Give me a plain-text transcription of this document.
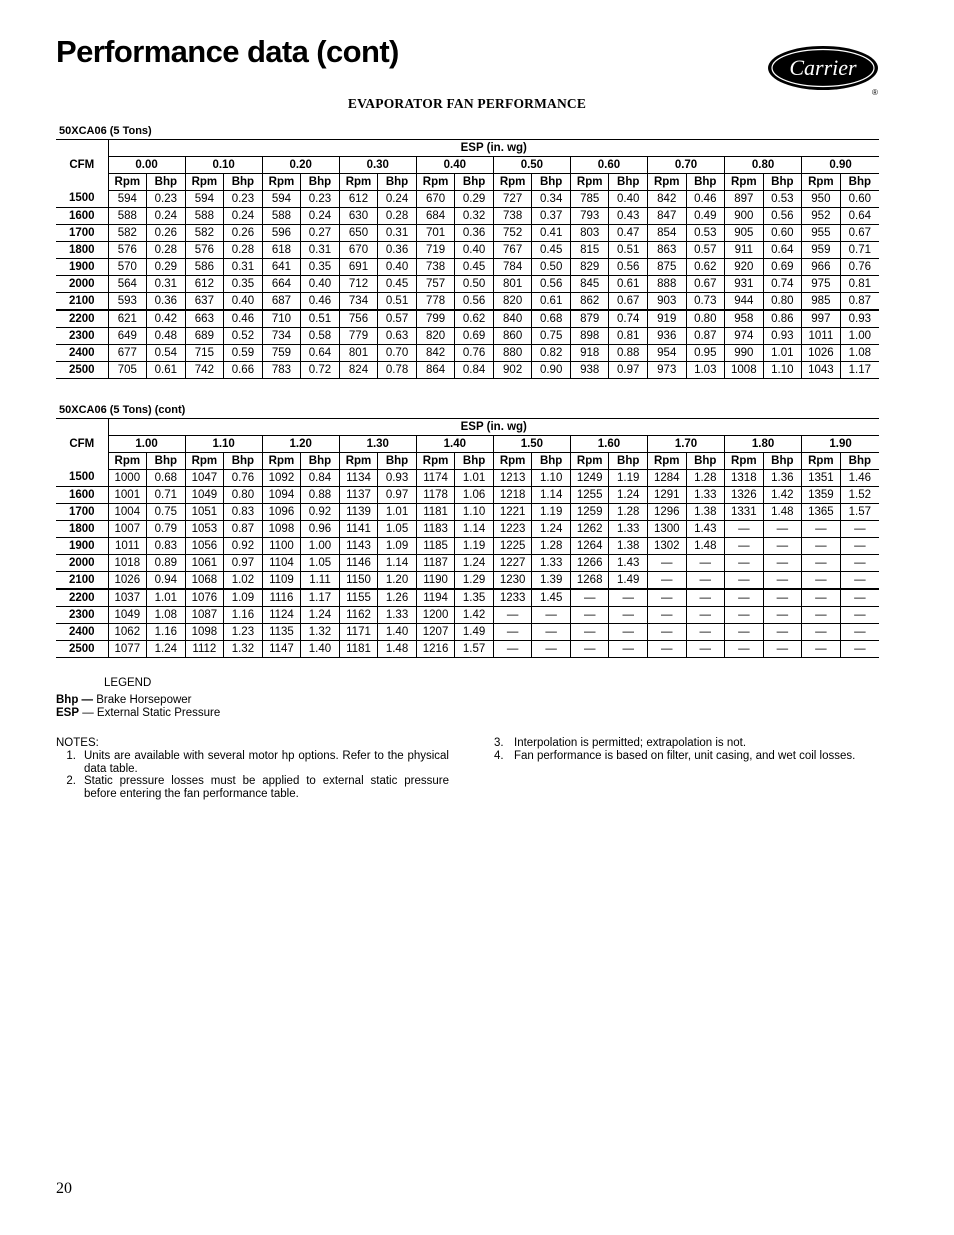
Performance data (cont)	Carrier
®
EVAPORATOR FAN PERFORMANCE
50XCA06 (5 Tons)
CFM	ESP (in. wg)																			
	0.00		0.10		0.20		0.30		0.40		0.50		0.60		0.70		0.80		0.90	
	Rpm	Bhp	Rpm	Bhp	Rpm	Bhp	Rpm	Bhp	Rpm	Bhp	Rpm	Bhp	Rpm	Bhp	Rpm	Bhp	Rpm	Bhp	Rpm	Bhp
1500	594	0.23	594	0.23	594	0.23	612	0.24	670	0.29	727	0.34	785	0.40	842	0.46	897	0.53	950	0.60
1600	588	0.24	588	0.24	588	0.24	630	0.28	684	0.32	738	0.37	793	0.43	847	0.49	900	0.56	952	0.64
1700	582	0.26	582	0.26	596	0.27	650	0.31	701	0.36	752	0.41	803	0.47	854	0.53	905	0.60	955	0.67
1800	576	0.28	576	0.28	618	0.31	670	0.36	719	0.40	767	0.45	815	0.51	863	0.57	911	0.64	959	0.71
1900	570	0.29	586	0.31	641	0.35	691	0.40	738	0.45	784	0.50	829	0.56	875	0.62	920	0.69	966	0.76
2000	564	0.31	612	0.35	664	0.40	712	0.45	757	0.50	801	0.56	845	0.61	888	0.67	931	0.74	975	0.81
2100	593	0.36	637	0.40	687	0.46	734	0.51	778	0.56	820	0.61	862	0.67	903	0.73	944	0.80	985	0.87
2200	621	0.42	663	0.46	710	0.51	756	0.57	799	0.62	840	0.68	879	0.74	919	0.80	958	0.86	997	0.93
2300	649	0.48	689	0.52	734	0.58	779	0.63	820	0.69	860	0.75	898	0.81	936	0.87	974	0.93	1011	1.00
2400	677	0.54	715	0.59	759	0.64	801	0.70	842	0.76	880	0.82	918	0.88	954	0.95	990	1.01	1026	1.08
2500	705	0.61	742	0.66	783	0.72	824	0.78	864	0.84	902	0.90	938	0.97	973	1.03	1008	1.10	1043	1.17
50XCA06 (5 Tons) (cont)
CFM	ESP (in. wg)																			
	1.00		1.10		1.20		1.30		1.40		1.50		1.60		1.70		1.80		1.90	
	Rpm	Bhp	Rpm	Bhp	Rpm	Bhp	Rpm	Bhp	Rpm	Bhp	Rpm	Bhp	Rpm	Bhp	Rpm	Bhp	Rpm	Bhp	Rpm	Bhp
1500	1000	0.68	1047	0.76	1092	0.84	1134	0.93	1174	1.01	1213	1.10	1249	1.19	1284	1.28	1318	1.36	1351	1.46
1600	1001	0.71	1049	0.80	1094	0.88	1137	0.97	1178	1.06	1218	1.14	1255	1.24	1291	1.33	1326	1.42	1359	1.52
1700	1004	0.75	1051	0.83	1096	0.92	1139	1.01	1181	1.10	1221	1.19	1259	1.28	1296	1.38	1331	1.48	1365	1.57
1800	1007	0.79	1053	0.87	1098	0.96	1141	1.05	1183	1.14	1223	1.24	1262	1.33	1300	1.43	—	—	—	—
1900	1011	0.83	1056	0.92	1100	1.00	1143	1.09	1185	1.19	1225	1.28	1264	1.38	1302	1.48	—	—	—	—
2000	1018	0.89	1061	0.97	1104	1.05	1146	1.14	1187	1.24	1227	1.33	1266	1.43	—	—	—	—	—	—
2100	1026	0.94	1068	1.02	1109	1.11	1150	1.20	1190	1.29	1230	1.39	1268	1.49	—	—	—	—	—	—
2200	1037	1.01	1076	1.09	1116	1.17	1155	1.26	1194	1.35	1233	1.45	—	—	—	—	—	—	—	—
2300	1049	1.08	1087	1.16	1124	1.24	1162	1.33	1200	1.42	—	—	—	—	—	—	—	—	—	—
2400	1062	1.16	1098	1.23	1135	1.32	1171	1.40	1207	1.49	—	—	—	—	—	—	—	—	—	—
2500	1077	1.24	1112	1.32	1147	1.40	1181	1.48	1216	1.57	—	—	—	—	—	—	—	—	—	—
LEGEND
Bhp — Brake Horsepower
ESP — External Static Pressure
NOTES:
1. Units are available with several motor hp options. Refer to the physical data table.
2. Static pressure losses must be applied to external static pressure before entering the fan performance table.
3. Interpolation is permitted; extrapolation is not.
4. Fan performance is based on filter, unit casing, and wet coil losses.
20
